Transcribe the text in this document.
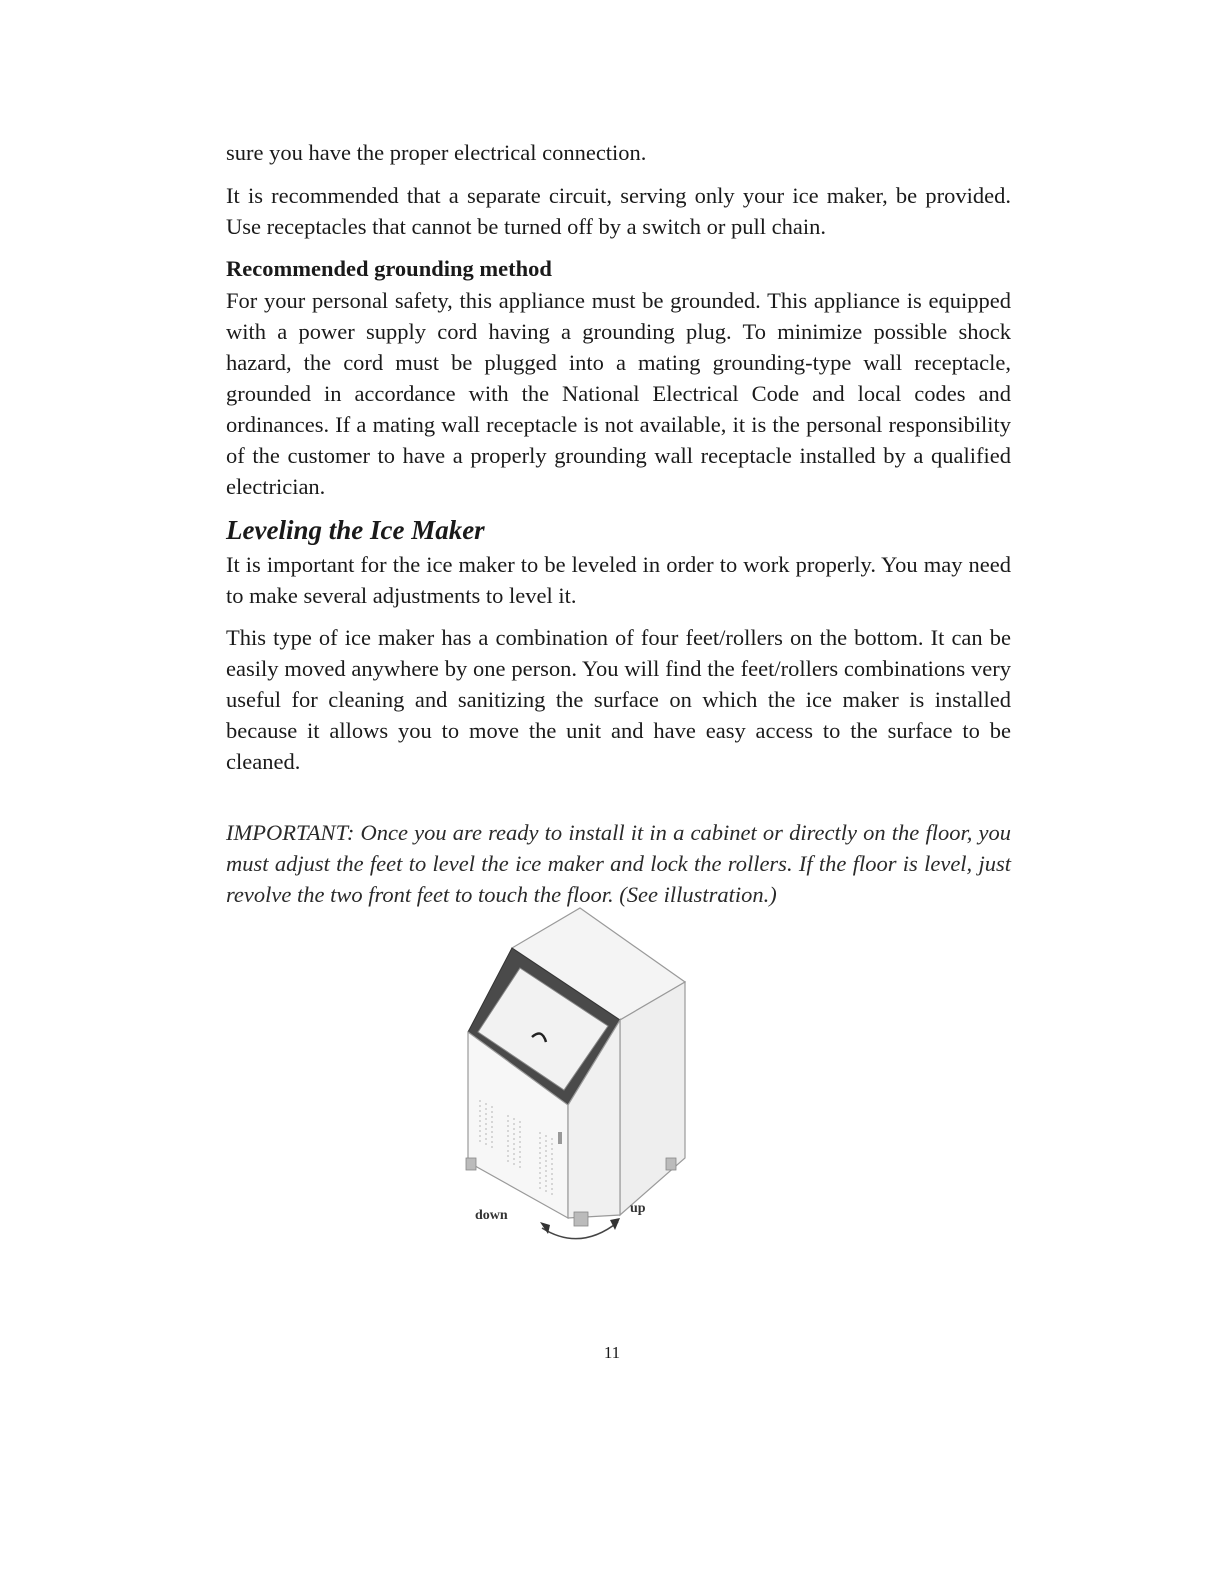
sure you have the proper electrical connection.

It is recommended that a separate circuit, serving only your ice maker, be provided. Use receptacles that cannot be turned off by a switch or pull chain.

Recommended grounding method

For your personal safety, this appliance must be grounded. This appliance is equipped with a power supply cord having a grounding plug. To minimize possible shock hazard, the cord must be plugged into a mating grounding-type wall receptacle, grounded in accordance with the National Electrical Code and local codes and ordinances. If a mating wall receptacle is not available, it is the personal responsibility of the customer to have a properly grounding wall receptacle installed by a qualified electrician.

Leveling the Ice Maker

It is important for the ice maker to be leveled in order to work properly. You may need to make several adjustments to level it.

This type of ice maker has a combination of four feet/rollers on the bottom. It can be easily moved anywhere by one person. You will find the feet/rollers combinations very useful for cleaning and sanitizing the surface on which the ice maker is installed because it allows you to move the unit and have easy access to the surface to be cleaned.

IMPORTANT: Once you are ready to install it in a cabinet or directly on the floor, you must adjust the feet to level the ice maker and lock the rollers. If the floor is level, just revolve the two front feet to touch the floor. (See illustration.)

down	up
11
